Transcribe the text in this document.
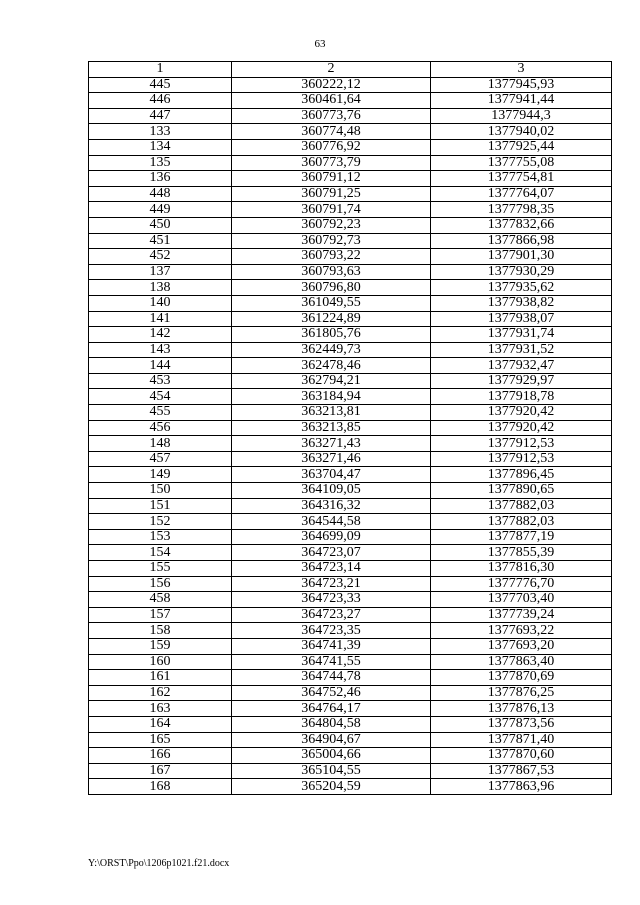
63
1	2	3
445	360222,12	1377945,93
446	360461,64	1377941,44
447	360773,76	1377944,3
133	360774,48	1377940,02
134	360776,92	1377925,44
135	360773,79	1377755,08
136	360791,12	1377754,81
448	360791,25	1377764,07
449	360791,74	1377798,35
450	360792,23	1377832,66
451	360792,73	1377866,98
452	360793,22	1377901,30
137	360793,63	1377930,29
138	360796,80	1377935,62
140	361049,55	1377938,82
141	361224,89	1377938,07
142	361805,76	1377931,74
143	362449,73	1377931,52
144	362478,46	1377932,47
453	362794,21	1377929,97
454	363184,94	1377918,78
455	363213,81	1377920,42
456	363213,85	1377920,42
148	363271,43	1377912,53
457	363271,46	1377912,53
149	363704,47	1377896,45
150	364109,05	1377890,65
151	364316,32	1377882,03
152	364544,58	1377882,03
153	364699,09	1377877,19
154	364723,07	1377855,39
155	364723,14	1377816,30
156	364723,21	1377776,70
458	364723,33	1377703,40
157	364723,27	1377739,24
158	364723,35	1377693,22
159	364741,39	1377693,20
160	364741,55	1377863,40
161	364744,78	1377870,69
162	364752,46	1377876,25
163	364764,17	1377876,13
164	364804,58	1377873,56
165	364904,67	1377871,40
166	365004,66	1377870,60
167	365104,55	1377867,53
168	365204,59	1377863,96
Y:\ORST\Ppo\1206p1021.f21.docx
